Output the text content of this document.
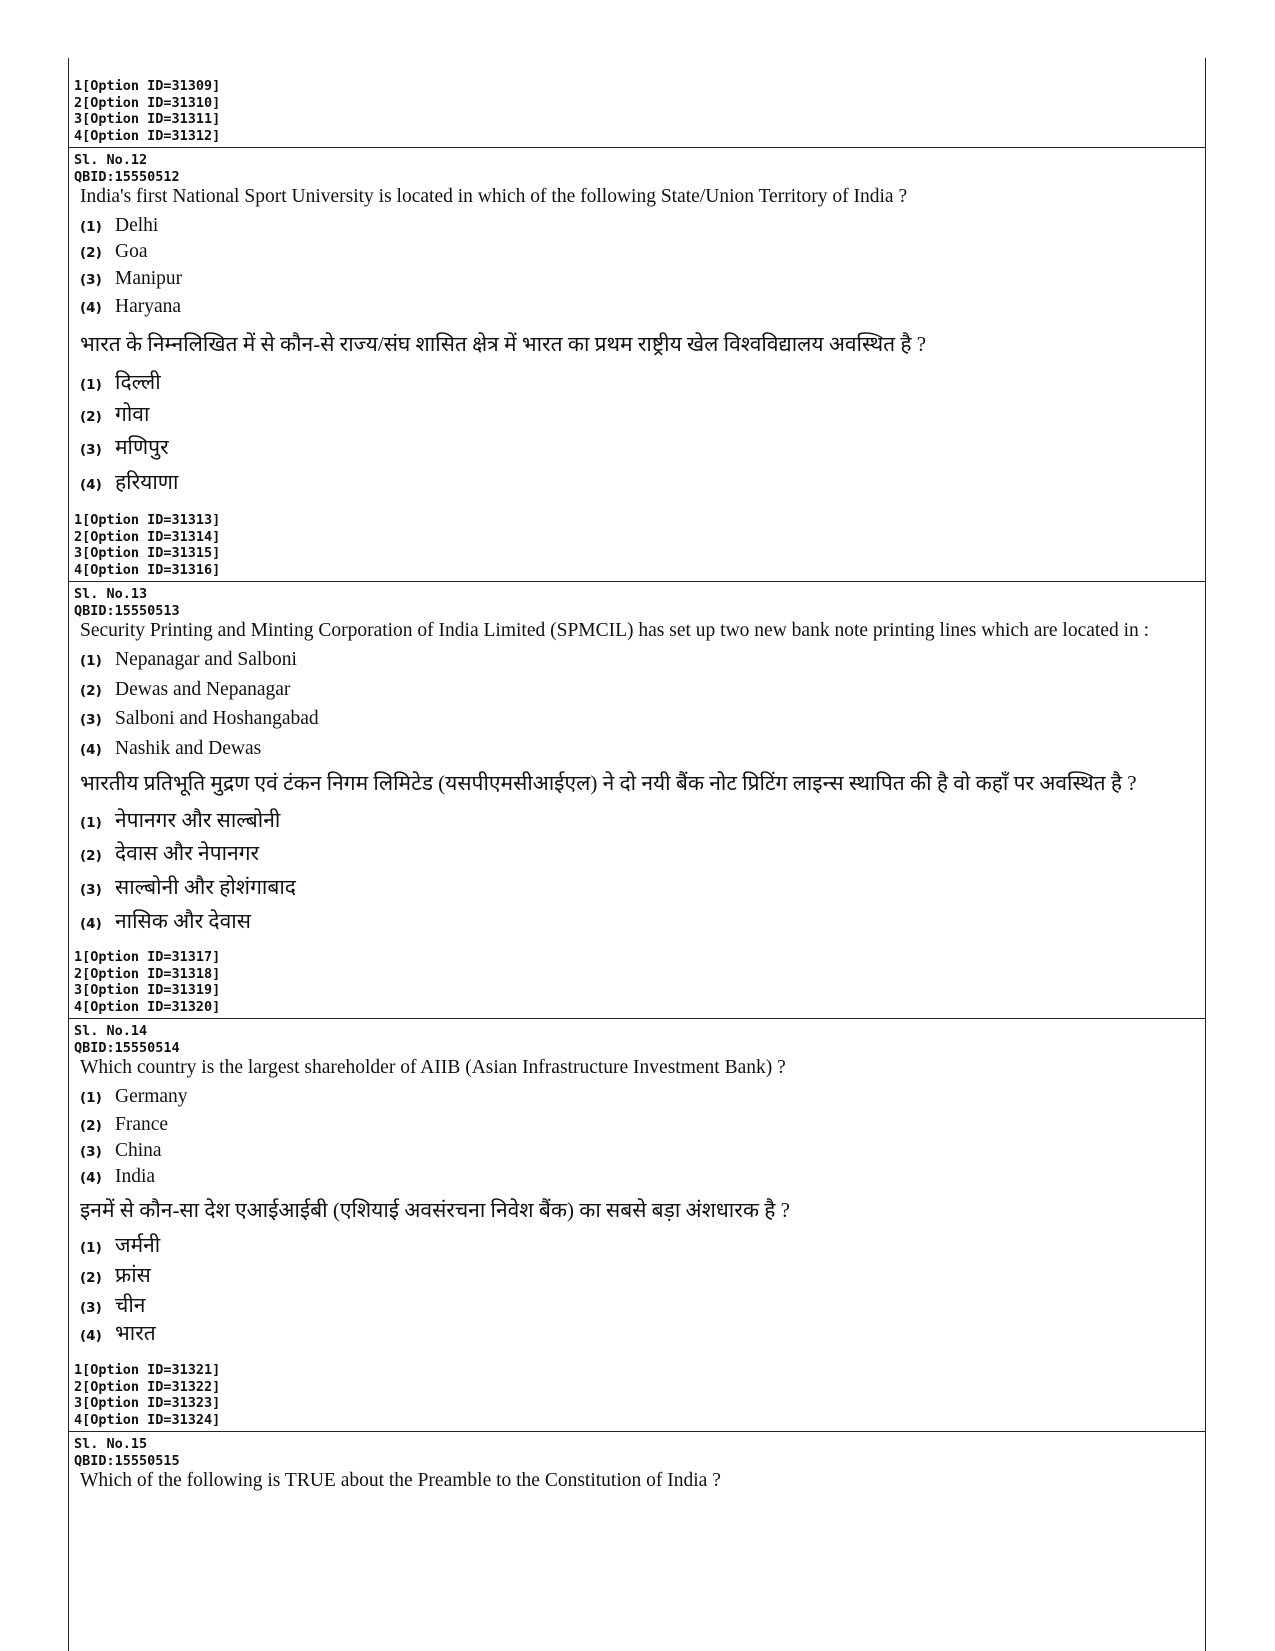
1[Option ID=31309]

2[Option ID=31310]

3[Option ID=31311]

4[Option ID=31312]

Sl. No.12

QBID:15550512

India's first National Sport University is located in which of the following State/Union Territory of India ?
(1) Delhi
(2) Goa
(3) Manipur
(4) Haryana
भारत के निम्नलिखित में से कौन-से राज्य/संघ शासित क्षेत्र में भारत का प्रथम राष्ट्रीय खेल विश्वविद्यालय अवस्थित है ?
(1) दिल्ली
(2) गोवा
(3) मणिपुर
(4) हरियाणा

1[Option ID=31313]

2[Option ID=31314]

3[Option ID=31315]

4[Option ID=31316]

Sl. No.13

QBID:15550513

Security Printing and Minting Corporation of India Limited (SPMCIL) has set up two new bank note printing lines which are located in :
(1) Nepanagar and Salboni
(2) Dewas and Nepanagar
(3) Salboni and Hoshangabad
(4) Nashik and Dewas
भारतीय प्रतिभूति मुद्रण एवं टंकन निगम लिमिटेड (यसपीएमसीआईएल) ने दो नयी बैंक नोट प्रिटिंग लाइन्स स्थापित की है वो कहाँ पर अवस्थित है ?
(1) नेपानगर और साल्बोनी
(2) देवास और नेपानगर
(3) साल्बोनी और होशंगाबाद
(4) नासिक और देवास

1[Option ID=31317]

2[Option ID=31318]

3[Option ID=31319]

4[Option ID=31320]

Sl. No.14

QBID:15550514

Which country is the largest shareholder of AIIB (Asian Infrastructure Investment Bank) ?
(1) Germany
(2) France
(3) China
(4) India
इनमें से कौन-सा देश एआईआईबी (एशियाई अवसंरचना निवेश बैंक) का सबसे बड़ा अंशधारक है ?
(1) जर्मनी
(2) फ्रांस
(3) चीन
(4) भारत

1[Option ID=31321]

2[Option ID=31322]

3[Option ID=31323]

4[Option ID=31324]

Sl. No.15

QBID:15550515

Which of the following is TRUE about the Preamble to the Constitution of India ?
